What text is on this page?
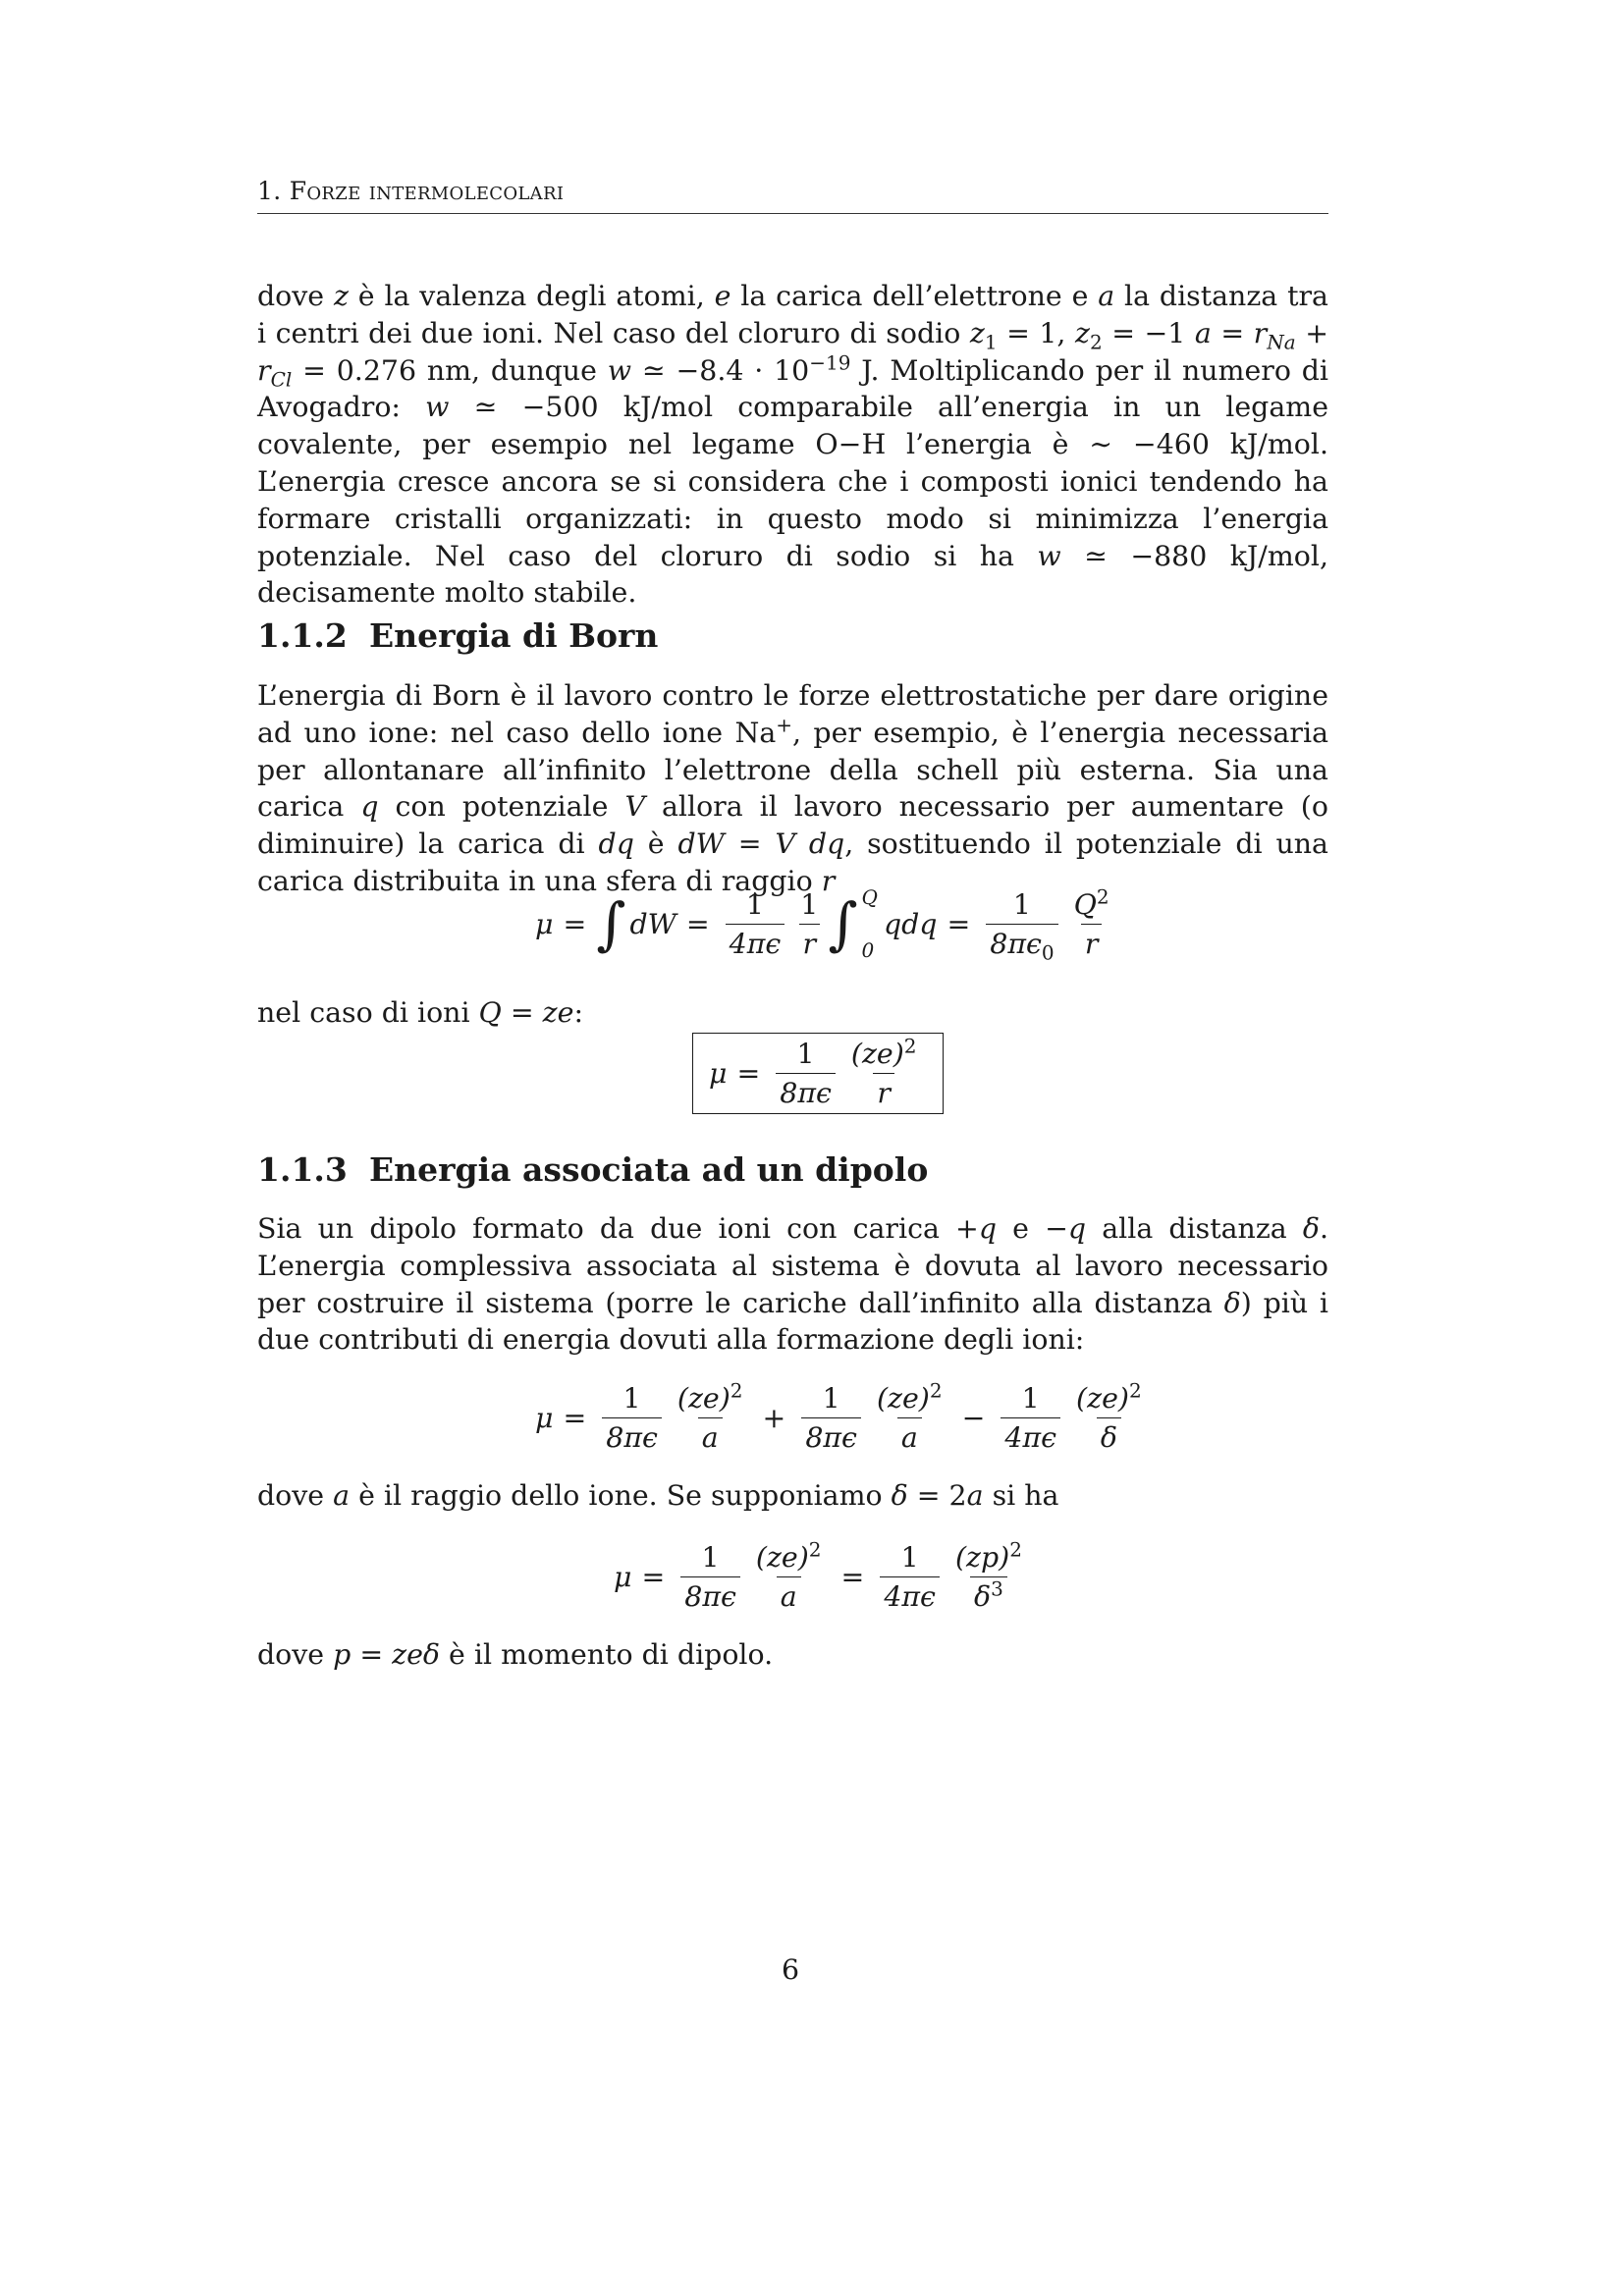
1. Forze intermolecolari

dove z è la valenza degli atomi, e la carica dell’elettrone e a la distanza tra i centri dei due ioni. Nel caso del cloruro di sodio $z_1 = 1$, $z_2 = -1$ $a = r_{Na} + r_{Cl} = 0.276$ nm, dunque w ≃ $-8.4 \cdot 10^{-19}$ J. Moltiplicando per il numero di Avogadro: w ≃ −500 kJ/mol comparabile all’energia in un legame covalente, per esempio nel legame O−H l’energia è ∼ −460 kJ/mol. L’energia cresce ancora se si considera che i composti ionici tendendo ha formare cristalli organizzati: in questo modo si minimizza l’energia potenziale. Nel caso del cloruro di sodio si ha w ≃ −880 kJ/mol, decisamente molto stabile.

1.1.2 Energia di Born

L’energia di Born è il lavoro contro le forze elettrostatiche per dare origine ad uno ione: nel caso dello ione Na+, per esempio, è l’energia necessaria per allontanare all’infinito l’elettrone della schell più esterna. Sia una carica q con potenziale V allora il lavoro necessario per aumentare (o diminuire) la carica di dq è dW = V dq, sostituendo il potenziale di una carica distribuita in una sfera di raggio r

μ = ∫ dW = $\frac{1}{4\pi\epsilon} \frac{1}{r}$ ∫ Q
0
qdq = $\frac{1}{8\pi\epsilon_0} \frac{Q^2}{r}$

nel caso di ioni Q = ze:

$\mu = \frac{1}{8\pi\epsilon} \frac{(ze)^2}{r}$
1.1.3 Energia associata ad un dipolo

Sia un dipolo formato da due ioni con carica +q e −q alla distanza δ. L’energia complessiva associata al sistema è dovuta al lavoro necessario per costruire il sistema (porre le cariche dall’infinito alla distanza δ) più i due contributi di energia dovuti alla formazione degli ioni:

$\mu = \frac{1}{8\pi\epsilon} \frac{(ze)^2}{a} + \frac{1}{8\pi\epsilon} \frac{(ze)^2}{a} - \frac{1}{4\pi\epsilon} \frac{(ze)^2}{\delta}$

dove a è il raggio dello ione. Se supponiamo δ = 2a si ha

$\mu = \frac{1}{8\pi\epsilon} \frac{(ze)^2}{a} = \frac{1}{4\pi\epsilon} \frac{(zp)^2}{\delta^3}$

dove p = zeδ è il momento di dipolo.

6
